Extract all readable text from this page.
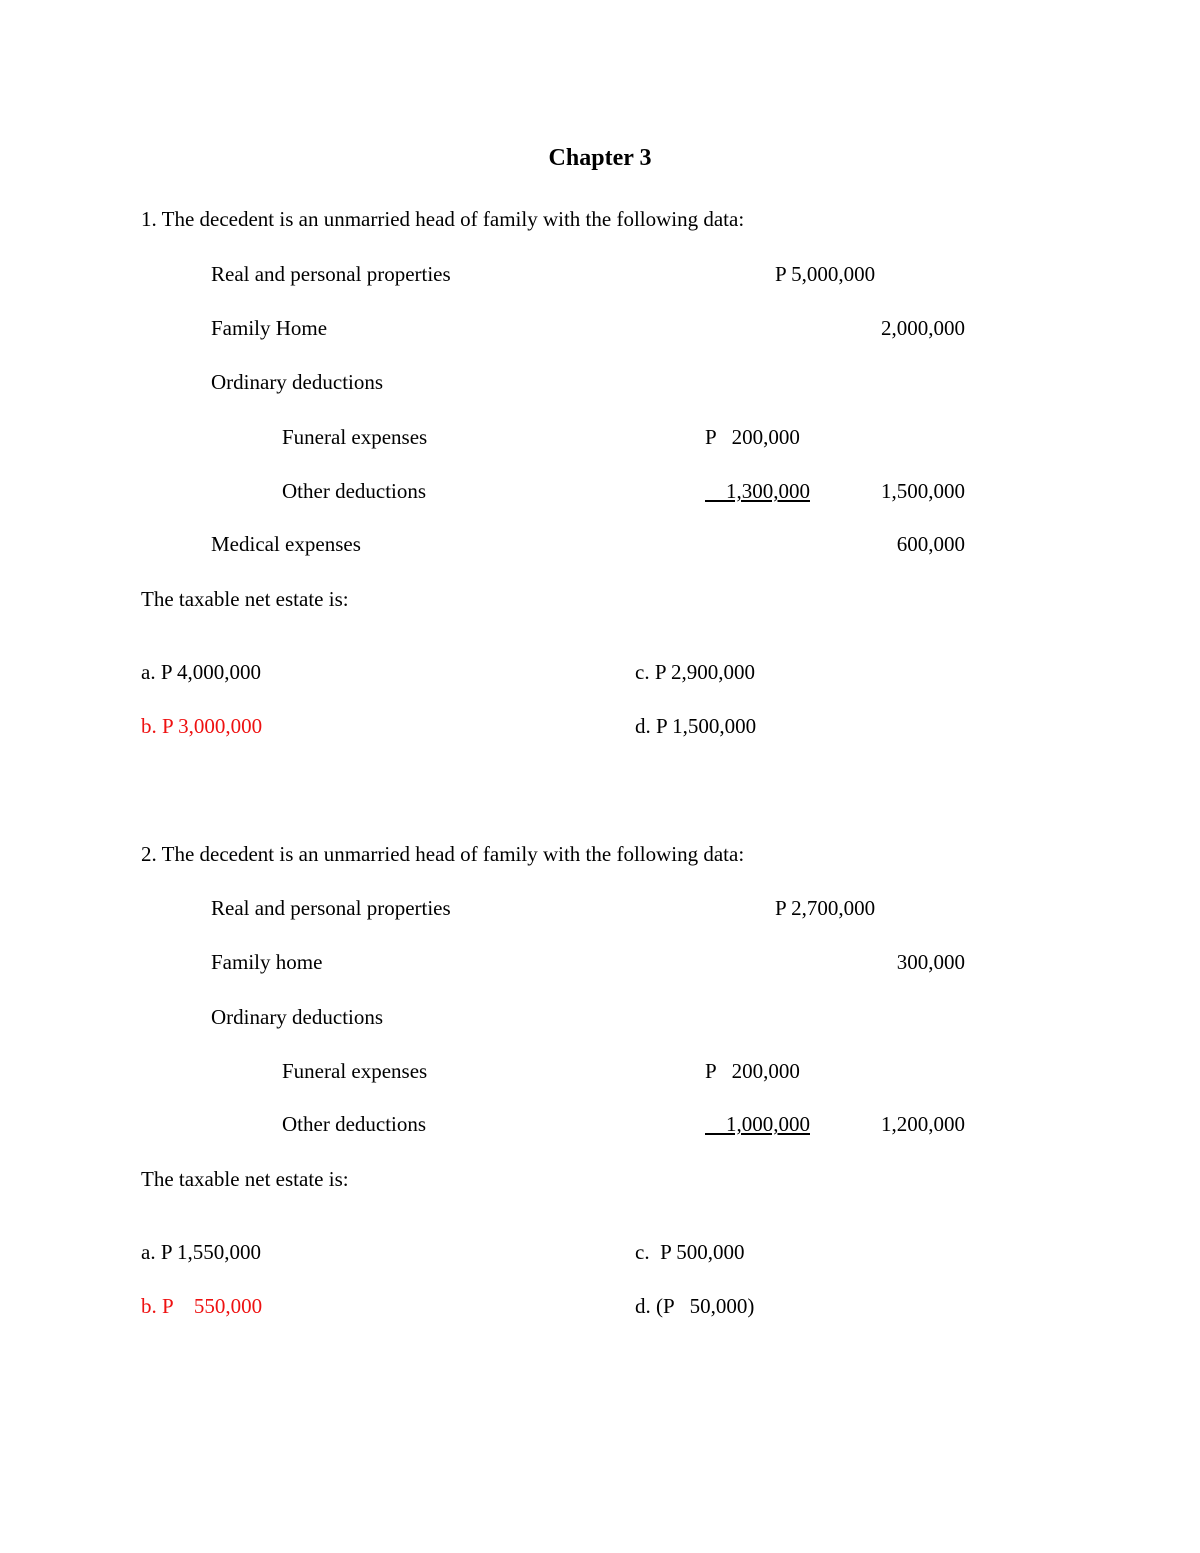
Chapter 3
1. The decedent is an unmarried head of family with the following data:
Real and personal properties	P 5,000,000
Family Home	2,000,000
Ordinary deductions
Funeral expenses	P   200,000
Other deductions	1,300,000	1,500,000
Medical expenses	600,000
The taxable net estate is:
a. P 4,000,000	c. P 2,900,000
b. P 3,000,000	d. P 1,500,000
2. The decedent is an unmarried head of family with the following data:
Real and personal properties	P 2,700,000
Family home	300,000
Ordinary deductions
Funeral expenses	P   200,000
Other deductions	1,000,000	1,200,000
The taxable net estate is:
a. P 1,550,000	c.  P 500,000
b. P    550,000	d. (P   50,000)
